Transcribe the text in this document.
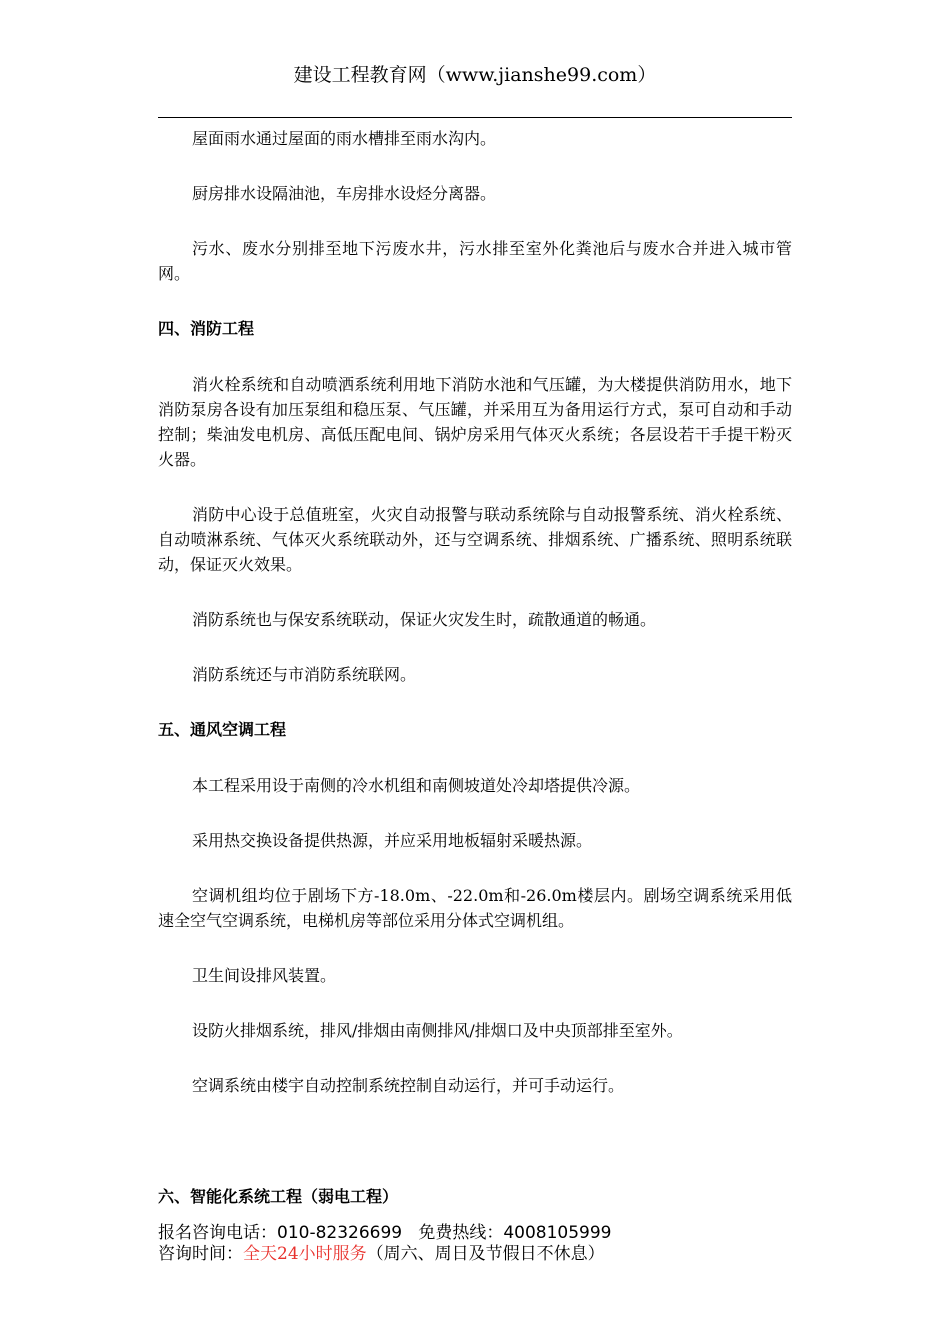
建设工程教育网（www.jianshe99.com）

屋面雨水通过屋面的雨水槽排至雨水沟内。

厨房排水设隔油池，车房排水设烃分离器。

污水、废水分别排至地下污废水井，污水排至室外化粪池后与废水合并进入城市管网。

四、消防工程

消火栓系统和自动喷洒系统利用地下消防水池和气压罐，为大楼提供消防用水，地下消防泵房各设有加压泵组和稳压泵、气压罐，并采用互为备用运行方式，泵可自动和手动控制；柴油发电机房、高低压配电间、锅炉房采用气体灭火系统；各层设若干手提干粉灭火器。

消防中心设于总值班室，火灾自动报警与联动系统除与自动报警系统、消火栓系统、自动喷淋系统、气体灭火系统联动外，还与空调系统、排烟系统、广播系统、照明系统联动，保证灭火效果。

消防系统也与保安系统联动，保证火灾发生时，疏散通道的畅通。

消防系统还与市消防系统联网。

五、通风空调工程

本工程采用设于南侧的冷水机组和南侧坡道处冷却塔提供冷源。

采用热交换设备提供热源，并应采用地板辐射采暖热源。

空调机组均位于剧场下方-18.0m、-22.0m和-26.0m楼层内。剧场空调系统采用低速全空气空调系统，电梯机房等部位采用分体式空调机组。

卫生间设排风装置。

设防火排烟系统，排风/排烟由南侧排风/排烟口及中央顶部排至室外。

空调系统由楼宇自动控制系统控制自动运行，并可手动运行。

六、智能化系统工程（弱电工程）

报名咨询电话：010-82326699 免费热线：4008105999

咨询时间：全天24小时服务（周六、周日及节假日不休息）
